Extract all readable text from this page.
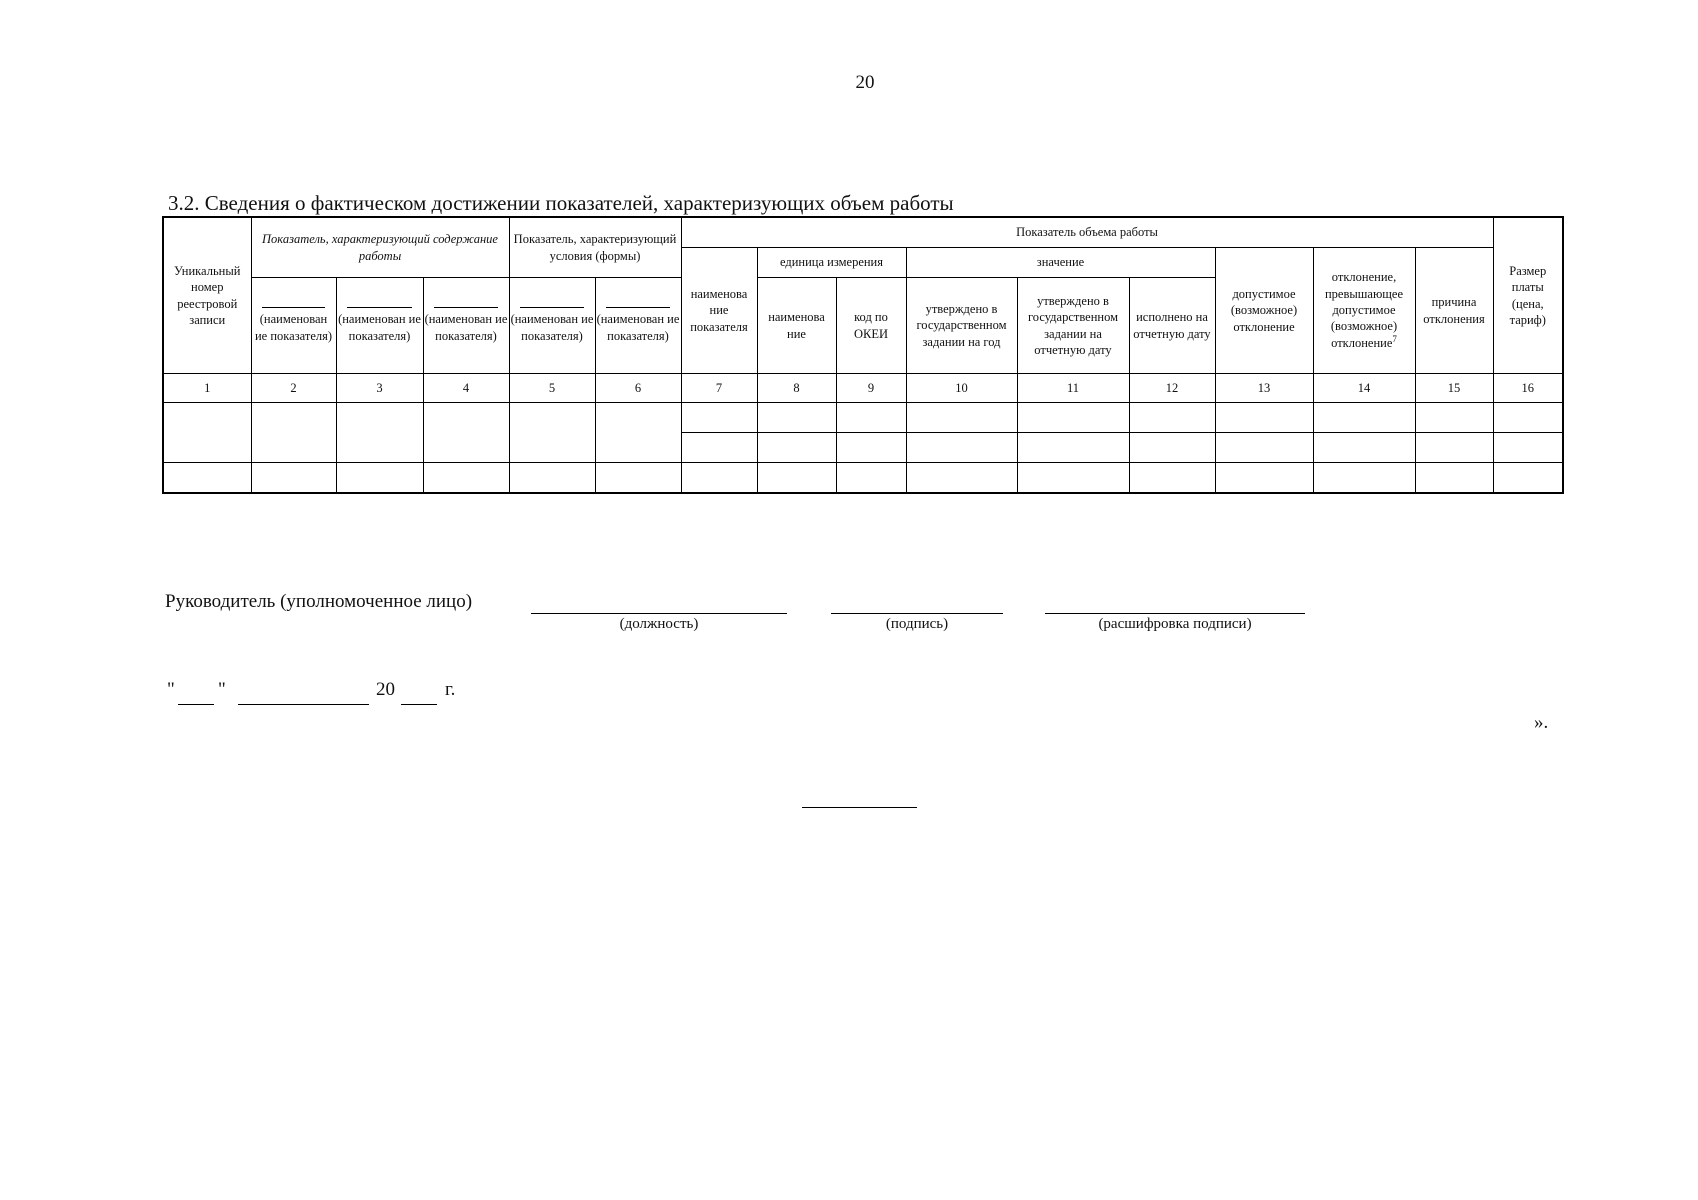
20
3.2. Сведения о фактическом достижении показателей, характеризующих объем работы
Уникальный номер реестровой записи	Показатель, характеризующий содержание работы			Показатель, характеризующий условия (формы)		Показатель объема работы									Размер платы (цена, тариф)
						наименова ние показателя	единица измерения		значение			допустимое (возможное) отклонение	отклонение, превышающее допустимое (возможное) отклонение$^7$	причина отклонения	

(наименован ие показателя)	(наименован ие показателя)	(наименован ие показателя)	(наименован ие показателя)	(наименован ие показателя)		наименова ние	код по ОКЕИ	утверждено в государственном задании на год	утверждено в государственном задании на отчетную дату	исполнено на отчетную дату				
1	2	3	4	5	6	7	8	9	10	11	12	13	14	15	16

Руководитель (уполномоченное лицо)
(должность)	(подпись)	(расшифровка подписи)
" "	20	г.
».
